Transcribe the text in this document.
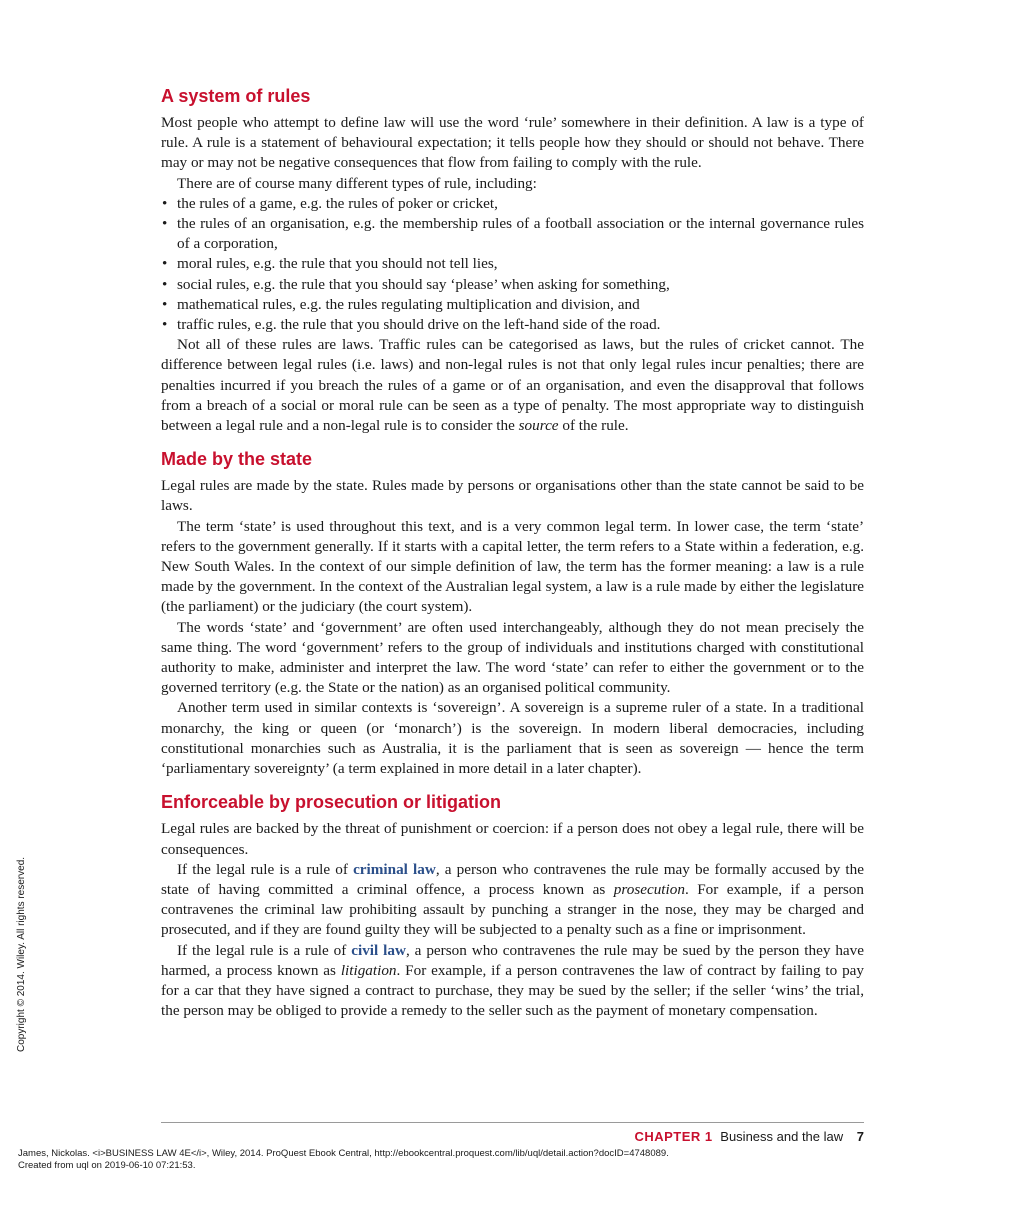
A system of rules

Most people who attempt to define law will use the word ‘rule’ somewhere in their definition. A law is a type of rule. A rule is a statement of behavioural expectation; it tells people how they should or should not behave. There may or may not be negative consequences that flow from failing to comply with the rule.

There are of course many different types of rule, including:

• the rules of a game, e.g. the rules of poker or cricket,
• the rules of an organisation, e.g. the membership rules of a football association or the internal governance rules of a corporation,
• moral rules, e.g. the rule that you should not tell lies,
• social rules, e.g. the rule that you should say ‘please’ when asking for something,
• mathematical rules, e.g. the rules regulating multiplication and division, and
• traffic rules, e.g. the rule that you should drive on the left-hand side of the road.

Not all of these rules are laws. Traffic rules can be categorised as laws, but the rules of cricket cannot. The difference between legal rules (i.e. laws) and non-legal rules is not that only legal rules incur penalties; there are penalties incurred if you breach the rules of a game or of an organisation, and even the disapproval that follows from a breach of a social or moral rule can be seen as a type of penalty. The most appropriate way to distinguish between a legal rule and a non-legal rule is to consider the source of the rule.

Made by the state

Legal rules are made by the state. Rules made by persons or organisations other than the state cannot be said to be laws.

The term ‘state’ is used throughout this text, and is a very common legal term. In lower case, the term ‘state’ refers to the government generally. If it starts with a capital letter, the term refers to a State within a federation, e.g. New South Wales. In the context of our simple definition of law, the term has the former meaning: a law is a rule made by the government. In the context of the Australian legal system, a law is a rule made by either the legislature (the parliament) or the judiciary (the court system).

The words ‘state’ and ‘government’ are often used interchangeably, although they do not mean precisely the same thing. The word ‘government’ refers to the group of individuals and institutions charged with constitutional authority to make, administer and interpret the law. The word ‘state’ can refer to either the government or to the governed territory (e.g. the State or the nation) as an organised political community.

Another term used in similar contexts is ‘sovereign’. A sovereign is a supreme ruler of a state. In a traditional monarchy, the king or queen (or ‘monarch’) is the sovereign. In modern liberal democracies, including constitutional monarchies such as Australia, it is the parliament that is seen as sovereign — hence the term ‘parliamentary sovereignty’ (a term explained in more detail in a later chapter).

Enforceable by prosecution or litigation

Legal rules are backed by the threat of punishment or coercion: if a person does not obey a legal rule, there will be consequences.

If the legal rule is a rule of criminal law, a person who contravenes the rule may be formally accused by the state of having committed a criminal offence, a process known as prosecution. For example, if a person contravenes the criminal law prohibiting assault by punching a stranger in the nose, they may be charged and prosecuted, and if they are found guilty they will be subjected to a penalty such as a fine or imprisonment.

If the legal rule is a rule of civil law, a person who contravenes the rule may be sued by the person they have harmed, a process known as litigation. For example, if a person contravenes the law of contract by failing to pay for a car that they have signed a contract to purchase, they may be sued by the seller; if the seller ‘wins’ the trial, the person may be obliged to provide a remedy to the seller such as the payment of monetary compensation.

Copyright © 2014. Wiley. All rights reserved.
CHAPTER 1 Business and the law 7
James, Nickolas. <i>BUSINESS LAW 4E</i>, Wiley, 2014. ProQuest Ebook Central, http://ebookcentral.proquest.com/lib/uql/detail.action?docID=4748089.
Created from uql on 2019-06-10 07:21:53.
